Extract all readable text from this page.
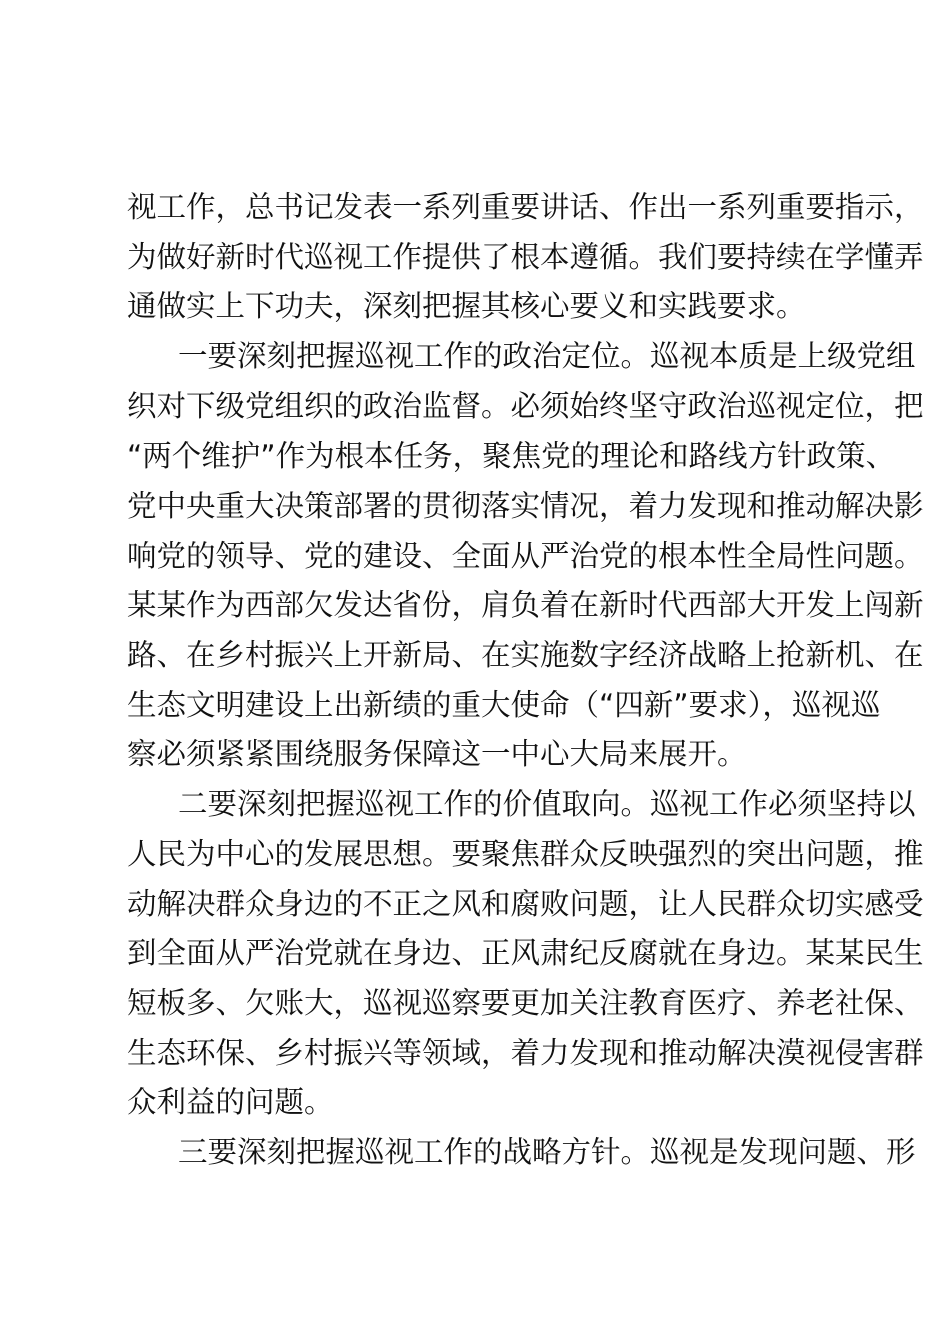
视工作，总书记发表一系列重要讲话、作出一系列重要指示，
为做好新时代巡视工作提供了根本遵循。我们要持续在学懂弄
通做实上下功夫，深刻把握其核心要义和实践要求。
一要深刻把握巡视工作的政治定位。巡视本质是上级党组
织对下级党组织的政治监督。必须始终坚守政治巡视定位，把
“两个维护”作为根本任务，聚焦党的理论和路线方针政策、
党中央重大决策部署的贯彻落实情况，着力发现和推动解决影
响党的领导、党的建设、全面从严治党的根本性全局性问题。
某某作为西部欠发达省份，肩负着在新时代西部大开发上闯新
路、在乡村振兴上开新局、在实施数字经济战略上抢新机、在
生态文明建设上出新绩的重大使命（“四新”要求），巡视巡
察必须紧紧围绕服务保障这一中心大局来展开。
二要深刻把握巡视工作的价值取向。巡视工作必须坚持以
人民为中心的发展思想。要聚焦群众反映强烈的突出问题，推
动解决群众身边的不正之风和腐败问题，让人民群众切实感受
到全面从严治党就在身边、正风肃纪反腐就在身边。某某民生
短板多、欠账大，巡视巡察要更加关注教育医疗、养老社保、
生态环保、乡村振兴等领域，着力发现和推动解决漠视侵害群
众利益的问题。
三要深刻把握巡视工作的战略方针。巡视是发现问题、形
